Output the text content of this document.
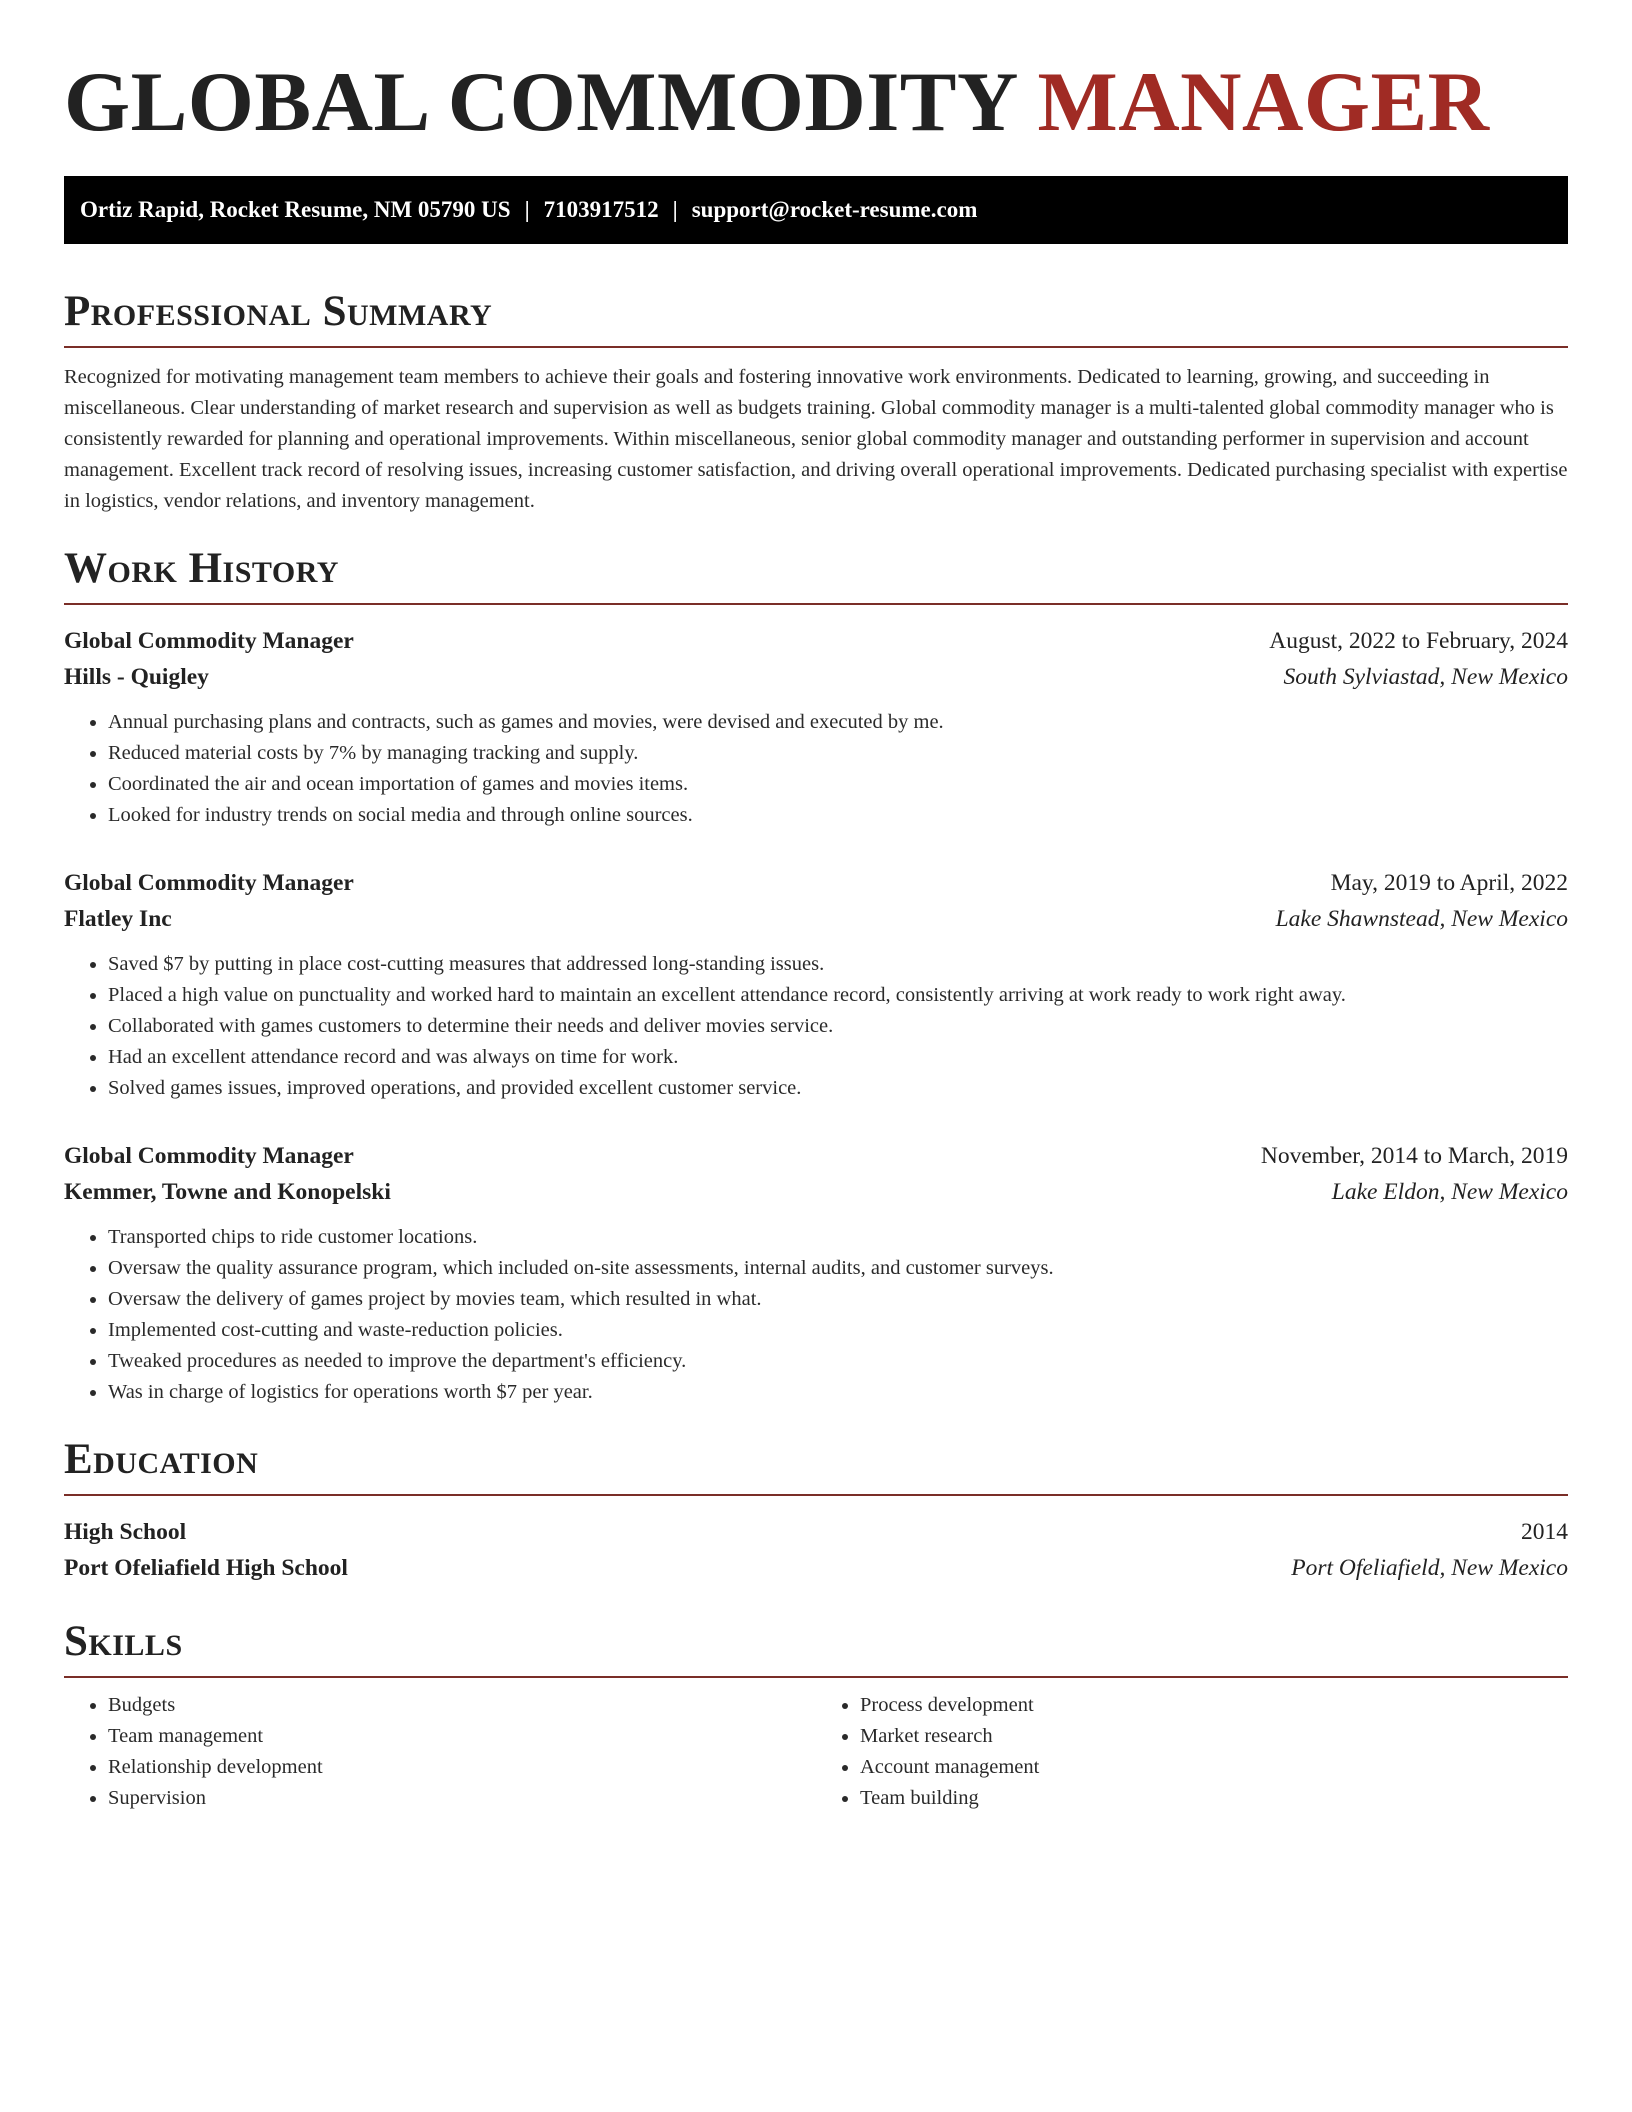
GLOBAL COMMODITY MANAGER
Ortiz Rapid, Rocket Resume, NM 05790 US | 7103917512 | support@rocket-resume.com
Professional Summary

Recognized for motivating management team members to achieve their goals and fostering innovative work environments. Dedicated to learning, growing, and succeeding in miscellaneous. Clear understanding of market research and supervision as well as budgets training. Global commodity manager is a multi-talented global commodity manager who is consistently rewarded for planning and operational improvements. Within miscellaneous, senior global commodity manager and outstanding performer in supervision and account management. Excellent track record of resolving issues, increasing customer satisfaction, and driving overall operational improvements. Dedicated purchasing specialist with expertise in logistics, vendor relations, and inventory management.

Work History
Global Commodity Manager	August, 2022 to February, 2024
Hills - Quigley	South Sylviastad, New Mexico
• Annual purchasing plans and contracts, such as games and movies, were devised and executed by me.
• Reduced material costs by 7% by managing tracking and supply.
• Coordinated the air and ocean importation of games and movies items.
• Looked for industry trends on social media and through online sources.
Global Commodity Manager	May, 2019 to April, 2022
Flatley Inc	Lake Shawnstead, New Mexico
• Saved $7 by putting in place cost-cutting measures that addressed long-standing issues.
• Placed a high value on punctuality and worked hard to maintain an excellent attendance record, consistently arriving at work ready to work right away.
• Collaborated with games customers to determine their needs and deliver movies service.
• Had an excellent attendance record and was always on time for work.
• Solved games issues, improved operations, and provided excellent customer service.
Global Commodity Manager	November, 2014 to March, 2019
Kemmer, Towne and Konopelski	Lake Eldon, New Mexico
• Transported chips to ride customer locations.
• Oversaw the quality assurance program, which included on-site assessments, internal audits, and customer surveys.
• Oversaw the delivery of games project by movies team, which resulted in what.
• Implemented cost-cutting and waste-reduction policies.
• Tweaked procedures as needed to improve the department's efficiency.
• Was in charge of logistics for operations worth $7 per year.
Education
High School	2014
Port Ofeliafield High School	Port Ofeliafield, New Mexico
Skills
• Budgets
• Team management
• Relationship development
• Supervision
• Process development
• Market research
• Account management
• Team building
